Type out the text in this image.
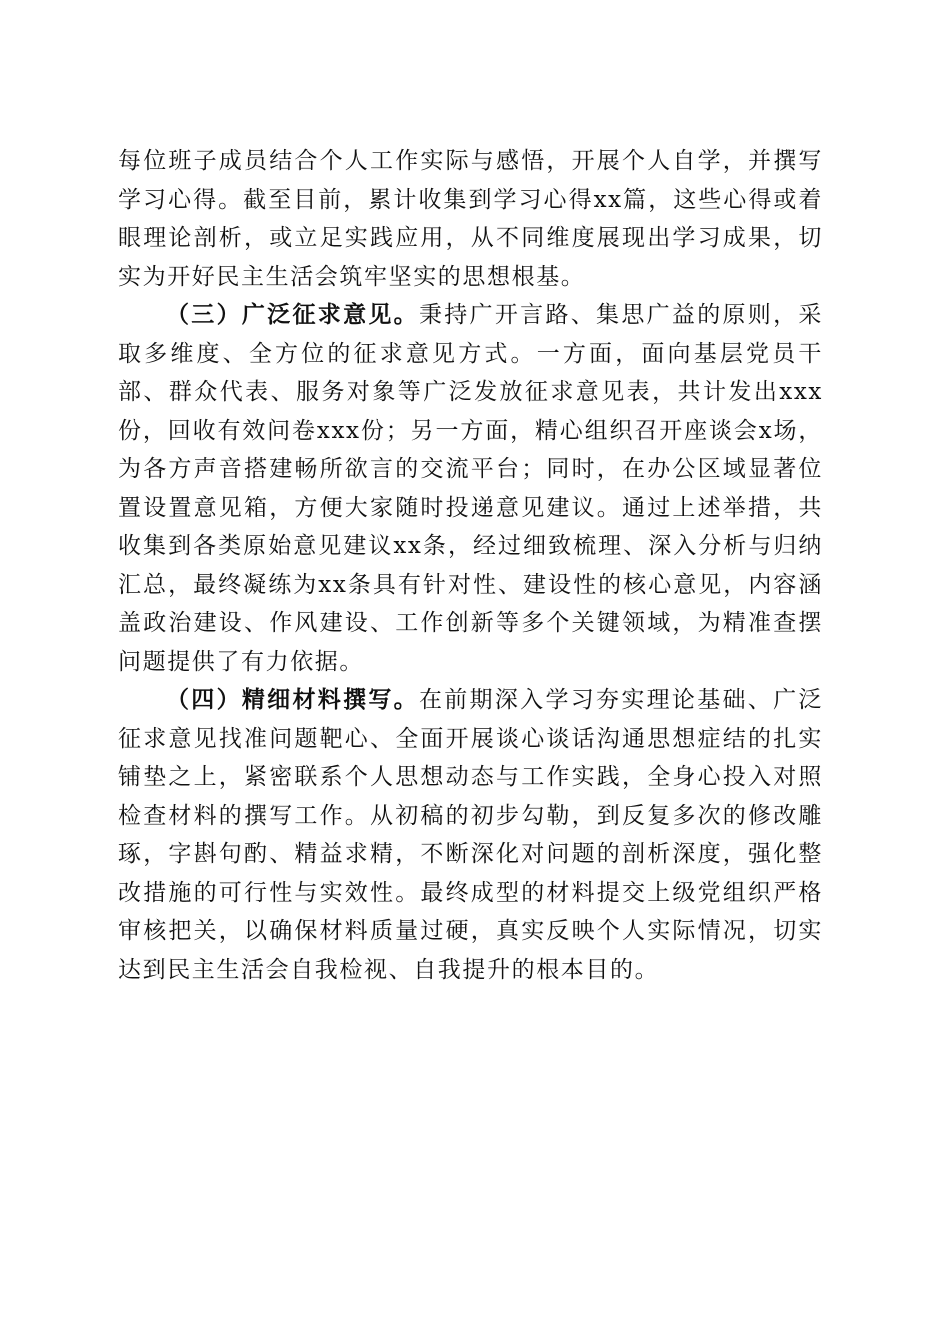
每位班子成员结合个人工作实际与感悟，开展个人自学，并撰写学习心得。截至目前，累计收集到学习心得xx篇，这些心得或着眼理论剖析，或立足实践应用，从不同维度展现出学习成果，切实为开好民主生活会筑牢坚实的思想根基。

（三）广泛征求意见。秉持广开言路、集思广益的原则，采取多维度、全方位的征求意见方式。一方面，面向基层党员干部、群众代表、服务对象等广泛发放征求意见表，共计发出xxx份，回收有效问卷xxx份；另一方面，精心组织召开座谈会x场，为各方声音搭建畅所欲言的交流平台；同时，在办公区域显著位置设置意见箱，方便大家随时投递意见建议。通过上述举措，共收集到各类原始意见建议xx条，经过细致梳理、深入分析与归纳汇总，最终凝练为xx条具有针对性、建设性的核心意见，内容涵盖政治建设、作风建设、工作创新等多个关键领域，为精准查摆问题提供了有力依据。

（四）精细材料撰写。在前期深入学习夯实理论基础、广泛征求意见找准问题靶心、全面开展谈心谈话沟通思想症结的扎实铺垫之上，紧密联系个人思想动态与工作实践，全身心投入对照检查材料的撰写工作。从初稿的初步勾勒，到反复多次的修改雕琢，字斟句酌、精益求精，不断深化对问题的剖析深度，强化整改措施的可行性与实效性。最终成型的材料提交上级党组织严格审核把关，以确保材料质量过硬，真实反映个人实际情况，切实达到民主生活会自我检视、自我提升的根本目的。
